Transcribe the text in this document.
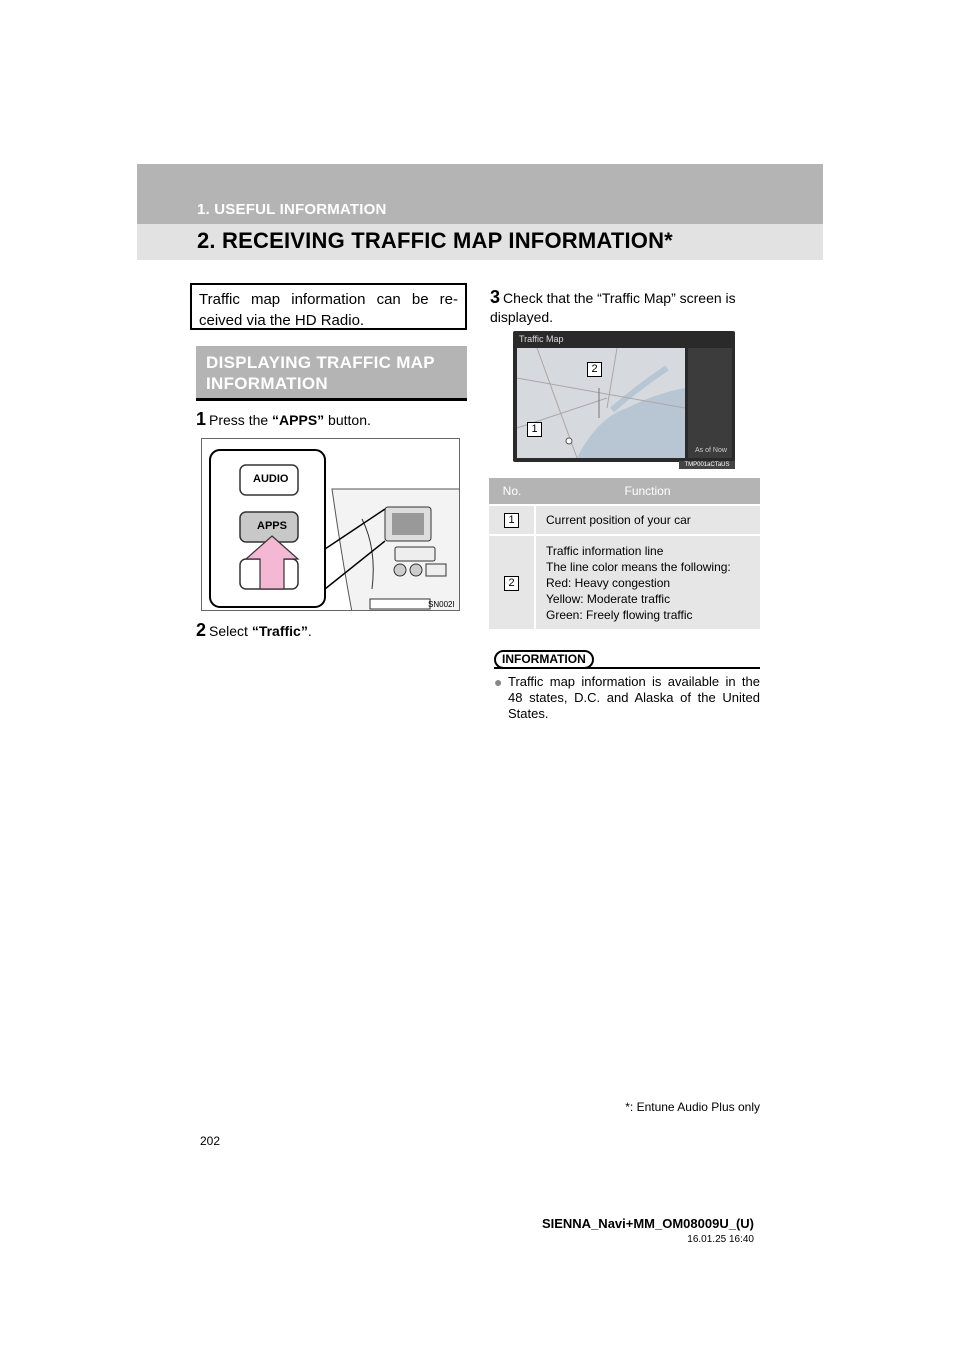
1. USEFUL INFORMATION
2. RECEIVING TRAFFIC MAP INFORMATION*
Traffic map information can be re-ceived via the HD Radio.
DISPLAYING TRAFFIC MAP INFORMATION
1 Press the “APPS” button.
AUDIO
APPS
SN002I
2 Select “Traffic”.
3 Check that the “Traffic Map” screen is displayed.
Traffic Map
As of Now
2
1
TMP001aCTaUS
No.	Function
1	Current position of your car
2	Traffic information line
The line color means the following:
Red: Heavy congestion
Yellow: Moderate traffic
Green: Freely flowing traffic
INFORMATION
● Traffic map information is available in the 48 states, D.C. and Alaska of the United States.
*: Entune Audio Plus only
202
SIENNA_Navi+MM_OM08009U_(U)
16.01.25 16:40
